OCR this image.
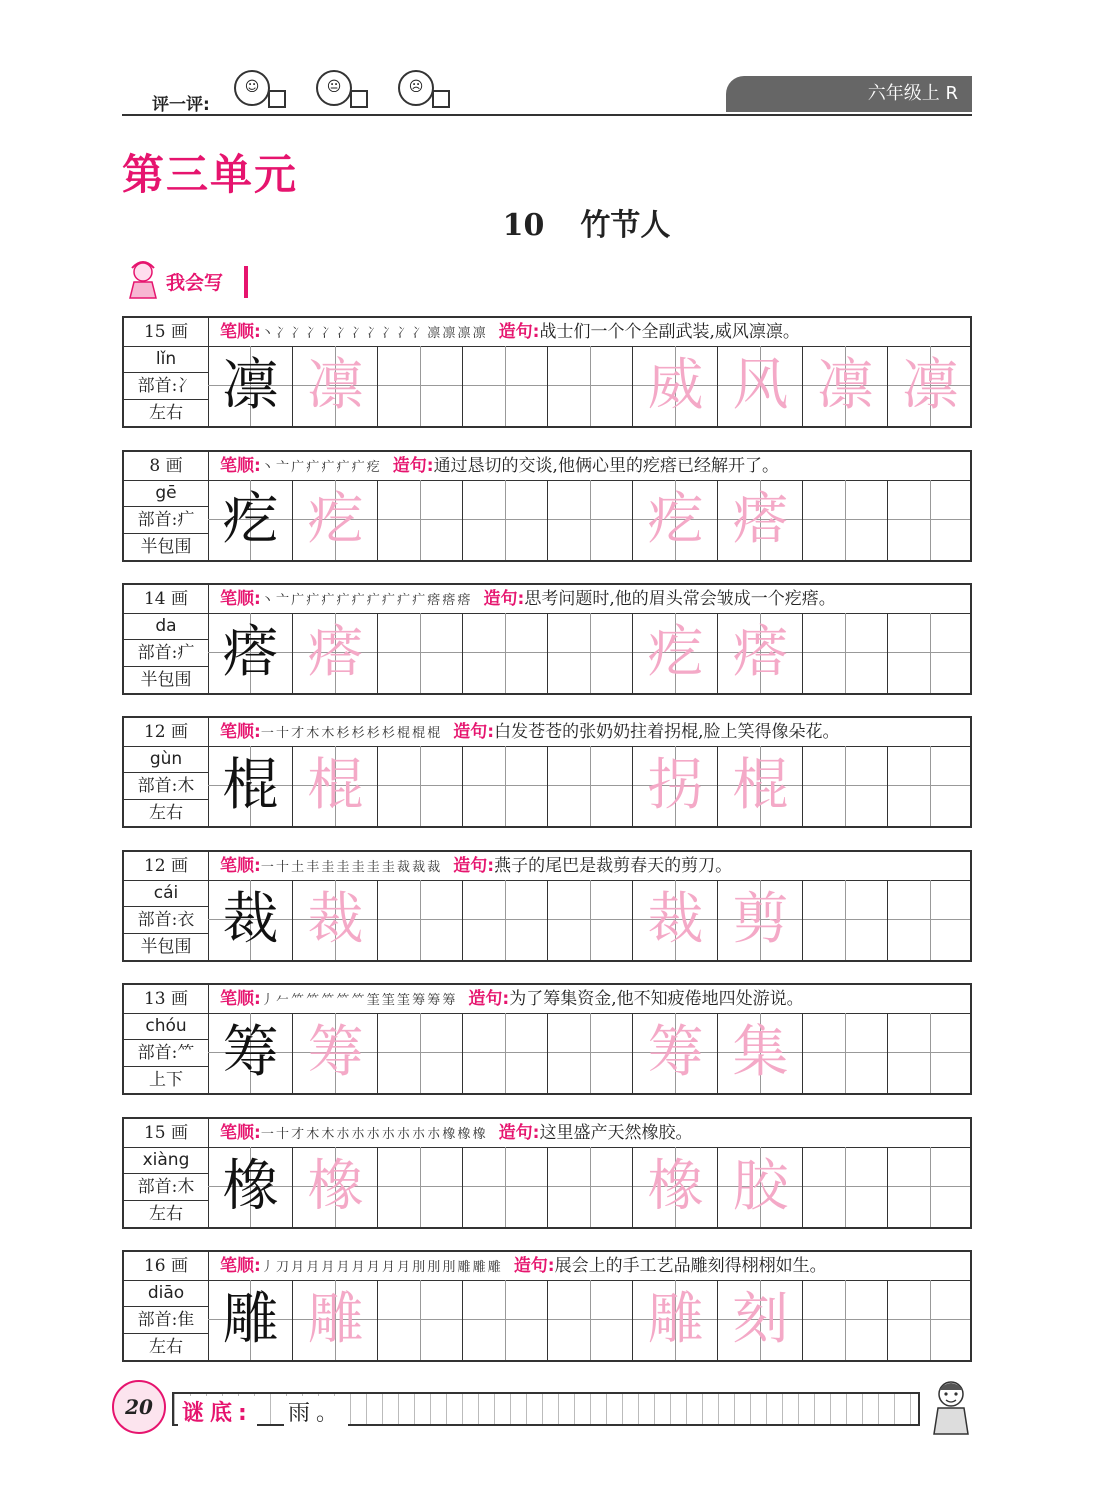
评一评:
☺	😐	☹	六年级上 R
第三单元
10 竹节人
我会写
15 画	笔顺:丶 冫 冫 冫 冫 冫 冫 冫 冫 冫 冫 凛 凛 凛 凛 造句:战士们一个个全副武装,威风凛凛。
lǐn
部首:冫
左右 凛 凛	威 风 凛 凛
8 画	笔顺:丶 亠 广 疒 疒 疒 疒 疙 造句:通过恳切的交谈,他俩心里的疙瘩已经解开了。
gē
部首:疒
半包围 疙 疙	疙 瘩
14 画	笔顺:丶 亠 广 疒 疒 疒 疒 疒 疒 疒 疒 瘩 瘩 瘩 造句:思考问题时,他的眉头常会皱成一个疙瘩。
da
部首:疒
半包围 瘩 瘩	疙 瘩
12 画	笔顺:一 十 才 木 木 杉 杉 杉 杉 棍 棍 棍 造句:白发苍苍的张奶奶拄着拐棍,脸上笑得像朵花。
gùn
部首:木
左右 棍 棍	拐 棍
12 画	笔顺:一 十 土 丰 圭 圭 圭 圭 圭 裁 裁 裁 造句:燕子的尾巴是裁剪春天的剪刀。
cái
部首:衣
半包围 裁 裁	裁 剪
13 画	笔顺:丿 𠂉 ⺮ ⺮ ⺮ ⺮ ⺮ 筀 筀 筀 筹 筹 筹 造句:为了筹集资金,他不知疲倦地四处游说。
chóu
部首:⺮
上下 筹 筹	筹 集
15 画	笔顺:一 十 才 木 木 朩 朩 朩 朩 朩 朩 朩 橡 橡 橡 造句:这里盛产天然橡胶。
xiàng
部首:木
左右 橡 橡	橡 胶
16 画	笔顺:丿 刀 月 月 月 月 月 月 月 月 刖 刖 刖 雕 雕 雕 造句:展会上的手工艺品雕刻得栩栩如生。
diāo
部首:隹
左右 雕 雕	雕 刻
20	谜底: 雨。
